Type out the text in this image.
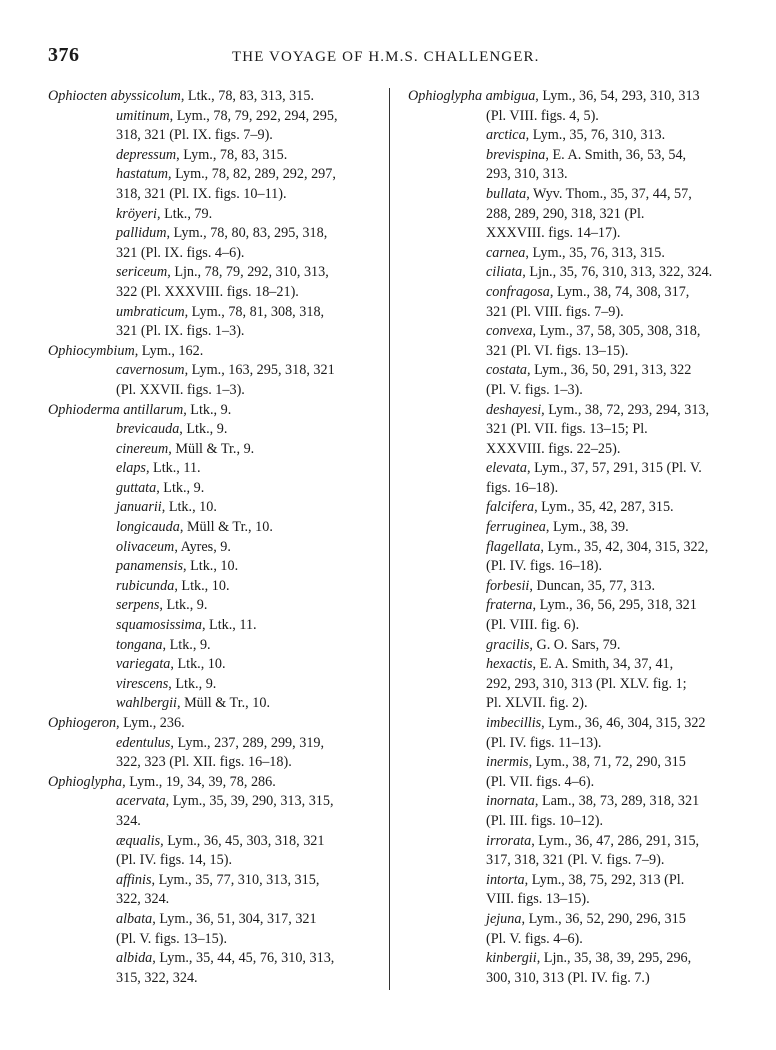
376	THE VOYAGE OF H.M.S. CHALLENGER.
Ophiocten abyssicolum, Ltk., 78, 83, 313, 315.
umitinum, Lym., 78, 79, 292, 294, 295,
318, 321 (Pl. IX. figs. 7–9).
depressum, Lym., 78, 83, 315.
hastatum, Lym., 78, 82, 289, 292, 297,
318, 321 (Pl. IX. figs. 10–11).
kröyeri, Ltk., 79.
pallidum, Lym., 78, 80, 83, 295, 318,
321 (Pl. IX. figs. 4–6).
sericeum, Ljn., 78, 79, 292, 310, 313,
322 (Pl. XXXVIII. figs. 18–21).
umbraticum, Lym., 78, 81, 308, 318,
321 (Pl. IX. figs. 1–3).
Ophiocymbium, Lym., 162.
cavernosum, Lym., 163, 295, 318, 321
(Pl. XXVII. figs. 1–3).
Ophioderma antillarum, Ltk., 9.
brevicauda, Ltk., 9.
cinereum, Müll & Tr., 9.
elaps, Ltk., 11.
guttata, Ltk., 9.
januarii, Ltk., 10.
longicauda, Müll & Tr., 10.
olivaceum, Ayres, 9.
panamensis, Ltk., 10.
rubicunda, Ltk., 10.
serpens, Ltk., 9.
squamosissima, Ltk., 11.
tongana, Ltk., 9.
variegata, Ltk., 10.
virescens, Ltk., 9.
wahlbergii, Müll & Tr., 10.
Ophiogeron, Lym., 236.
edentulus, Lym., 237, 289, 299, 319,
322, 323 (Pl. XII. figs. 16–18).
Ophioglypha, Lym., 19, 34, 39, 78, 286.
acervata, Lym., 35, 39, 290, 313, 315,
324.
æqualis, Lym., 36, 45, 303, 318, 321
(Pl. IV. figs. 14, 15).
affinis, Lym., 35, 77, 310, 313, 315,
322, 324.
albata, Lym., 36, 51, 304, 317, 321
(Pl. V. figs. 13–15).
albida, Lym., 35, 44, 45, 76, 310, 313,
315, 322, 324.
Ophioglypha ambigua, Lym., 36, 54, 293, 310, 313
(Pl. VIII. figs. 4, 5).
arctica, Lym., 35, 76, 310, 313.
brevispina, E. A. Smith, 36, 53, 54,
293, 310, 313.
bullata, Wyv. Thom., 35, 37, 44, 57,
288, 289, 290, 318, 321 (Pl.
XXXVIII. figs. 14–17).
carnea, Lym., 35, 76, 313, 315.
ciliata, Ljn., 35, 76, 310, 313, 322, 324.
confragosa, Lym., 38, 74, 308, 317,
321 (Pl. VIII. figs. 7–9).
convexa, Lym., 37, 58, 305, 308, 318,
321 (Pl. VI. figs. 13–15).
costata, Lym., 36, 50, 291, 313, 322
(Pl. V. figs. 1–3).
deshayesi, Lym., 38, 72, 293, 294, 313,
321 (Pl. VII. figs. 13–15; Pl.
XXXVIII. figs. 22–25).
elevata, Lym., 37, 57, 291, 315 (Pl. V.
figs. 16–18).
falcifera, Lym., 35, 42, 287, 315.
ferruginea, Lym., 38, 39.
flagellata, Lym., 35, 42, 304, 315, 322,
(Pl. IV. figs. 16–18).
forbesii, Duncan, 35, 77, 313.
fraterna, Lym., 36, 56, 295, 318, 321
(Pl. VIII. fig. 6).
gracilis, G. O. Sars, 79.
hexactis, E. A. Smith, 34, 37, 41,
292, 293, 310, 313 (Pl. XLV. fig. 1;
Pl. XLVII. fig. 2).
imbecillis, Lym., 36, 46, 304, 315, 322
(Pl. IV. figs. 11–13).
inermis, Lym., 38, 71, 72, 290, 315
(Pl. VII. figs. 4–6).
inornata, Lam., 38, 73, 289, 318, 321
(Pl. III. figs. 10–12).
irrorata, Lym., 36, 47, 286, 291, 315,
317, 318, 321 (Pl. V. figs. 7–9).
intorta, Lym., 38, 75, 292, 313 (Pl.
VIII. figs. 13–15).
jejuna, Lym., 36, 52, 290, 296, 315
(Pl. V. figs. 4–6).
kinbergii, Ljn., 35, 38, 39, 295, 296,
300, 310, 313 (Pl. IV. fig. 7.)
